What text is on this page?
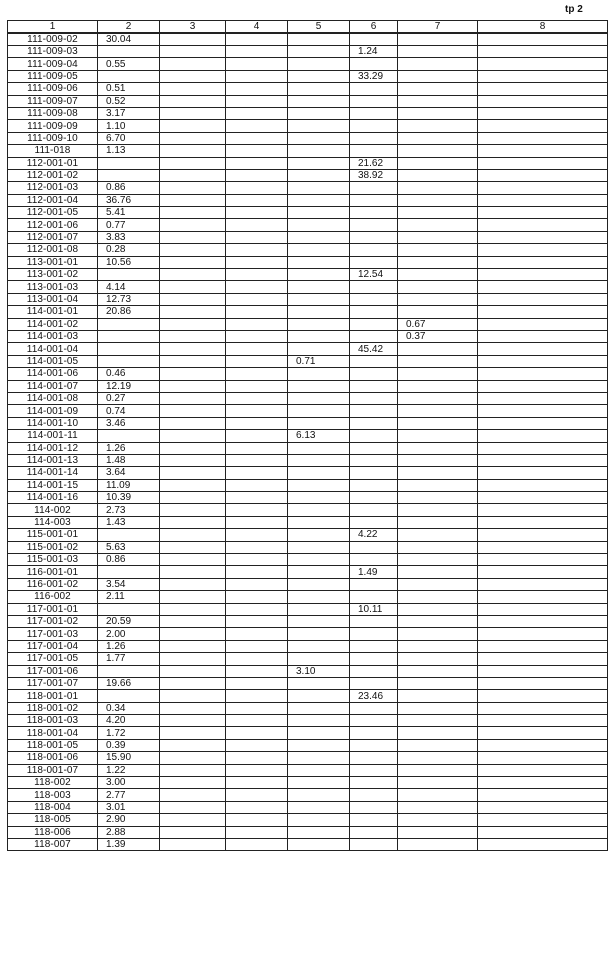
tp 2
1	2	3	4	5	6	7	8
111-009-02	30.04						
111-009-03					1.24		
111-009-04	0.55						
111-009-05					33.29		
111-009-06	0.51						
111-009-07	0.52						
111-009-08	3.17						
111-009-09	1.10						
111-009-10	6.70						
111-018	1.13						
112-001-01					21.62		
112-001-02					38.92		
112-001-03	0.86						
112-001-04	36.76						
112-001-05	5.41						
112-001-06	0.77						
112-001-07	3.83						
112-001-08	0.28						
113-001-01	10.56						
113-001-02					12.54		
113-001-03	4.14						
113-001-04	12.73						
114-001-01	20.86						
114-001-02						0.67	
114-001-03						0.37	
114-001-04					45.42		
114-001-05				0.71			
114-001-06	0.46						
114-001-07	12.19						
114-001-08	0.27						
114-001-09	0.74						
114-001-10	3.46						
114-001-11				6.13			
114-001-12	1.26						
114-001-13	1.48						
114-001-14	3.64						
114-001-15	11.09						
114-001-16	10.39						
114-002	2.73						
114-003	1.43						
115-001-01					4.22		
115-001-02	5.63						
115-001-03	0.86						
116-001-01					1.49		
116-001-02	3.54						
116-002	2.11						
117-001-01					10.11		
117-001-02	20.59						
117-001-03	2.00						
117-001-04	1.26						
117-001-05	1.77						
117-001-06				3.10			
117-001-07	19.66						
118-001-01					23.46		
118-001-02	0.34						
118-001-03	4.20						
118-001-04	1.72						
118-001-05	0.39						
118-001-06	15.90						
118-001-07	1.22						
118-002	3.00						
118-003	2.77						
118-004	3.01						
118-005	2.90						
118-006	2.88						
118-007	1.39						
